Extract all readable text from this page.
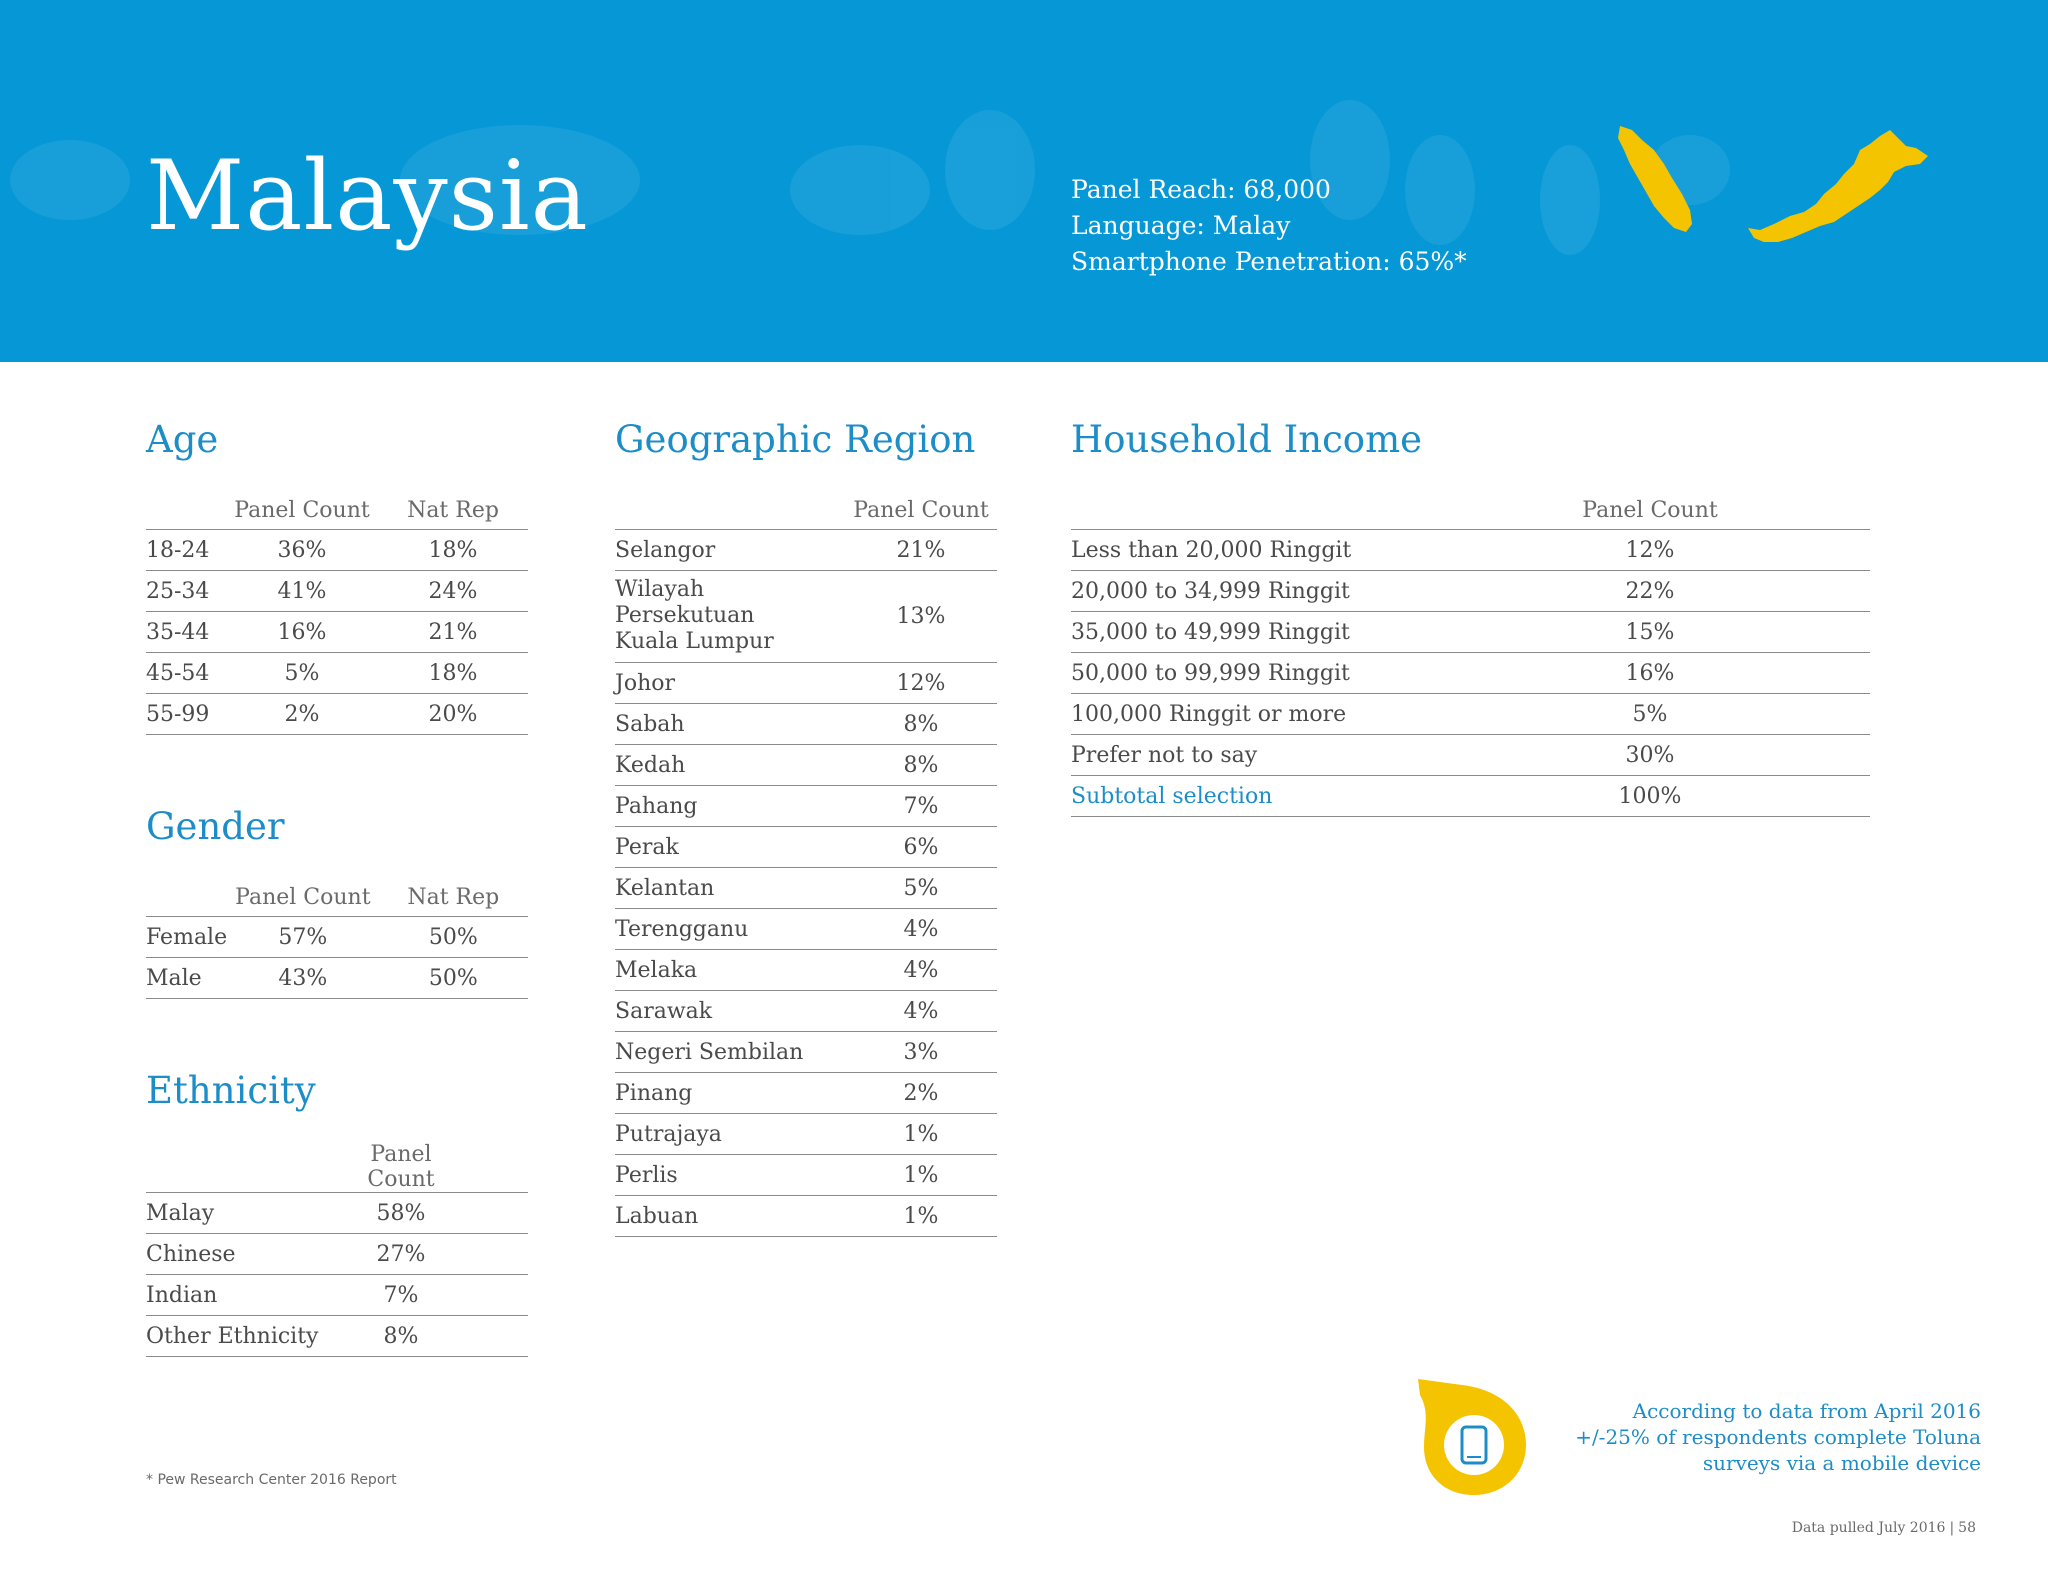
Malaysia	Panel Reach: 68,000
Language: Malay
Smartphone Penetration: 65%*
Age
	Panel Count	Nat Rep
18-24	36%	18%
25-34	41%	24%
35-44	16%	21%
45-54	5%	18%
55-99	2%	20%
Gender
	Panel Count	Nat Rep
Female	57%	50%
Male	43%	50%
Ethnicity
	Panel Count	
Malay	58%	
Chinese	27%	
Indian	7%	
Other Ethnicity	8%	
Geographic Region
	Panel Count
Selangor	21%

Wilayah
Persekutuan
Kuala Lumpur	13%
Johor	12%
Sabah	8%
Kedah	8%
Pahang	7%
Perak	6%
Kelantan	5%
Terengganu	4%
Melaka	4%
Sarawak	4%
Negeri Sembilan	3%
Pinang	2%
Putrajaya	1%
Perlis	1%
Labuan	1%
Household Income
	Panel Count	
Less than 20,000 Ringgit	12%	
20,000 to 34,999 Ringgit	22%	
35,000 to 49,999 Ringgit	15%	
50,000 to 99,999 Ringgit	16%	
100,000 Ringgit or more	5%	
Prefer not to say	30%	
Subtotal selection	100%	
* Pew Research Center 2016 Report
According to data from April 2016
+/-25% of respondents complete Toluna
surveys via a mobile device
Data pulled July 2016 | 58
